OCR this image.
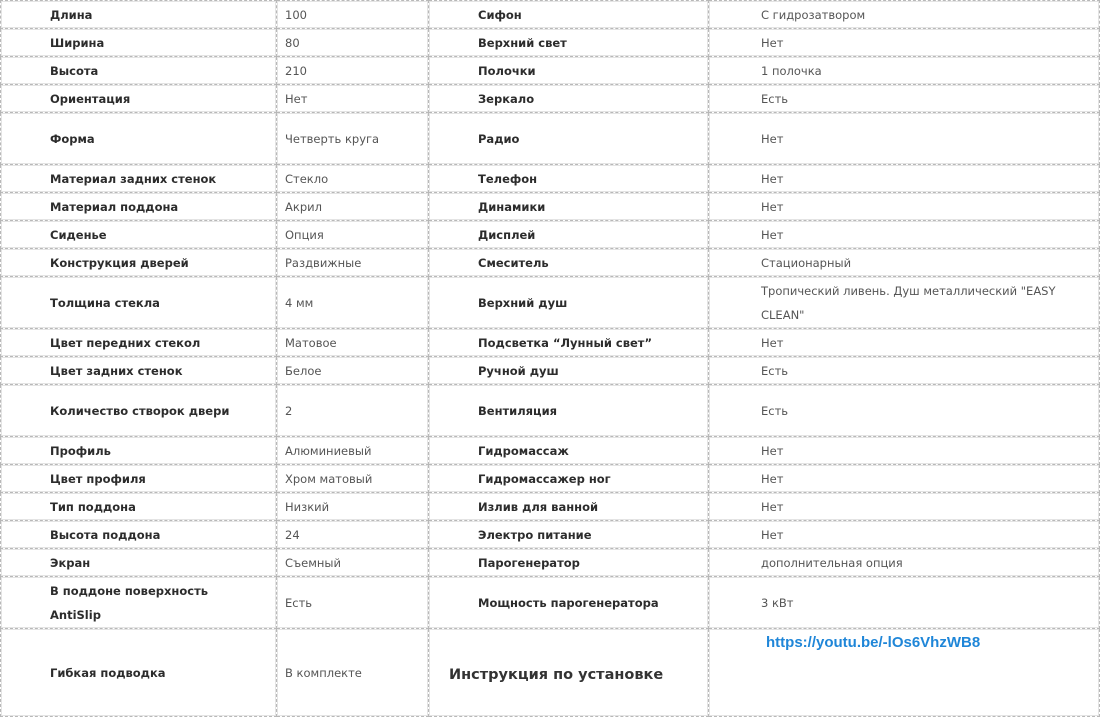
Длина	100	Сифон	С гидрозатвором
Ширина	80	Верхний свет	Нет
Высота	210	Полочки	1 полочка
Ориентация	Нет	Зеркало	Есть
Форма	Четверть круга	Радио	Нет
Материал задних стенок	Стекло	Телефон	Нет
Материал поддона	Акрил	Динамики	Нет
Сиденье	Опция	Дисплей	Нет
Конструкция дверей	Раздвижные	Смеситель	Стационарный
Толщина стекла	4 мм	Верхний душ	Тропический ливень. Душ металлический "EASY CLEAN"
Цвет передних стекол	Матовое	Подсветка “Лунный свет”	Нет
Цвет задних стенок	Белое	Ручной душ	Есть
Количество створок двери	2	Вентиляция	Есть
Профиль	Алюминиевый	Гидромассаж	Нет
Цвет профиля	Хром матовый	Гидромассажер ног	Нет
Тип поддона	Низкий	Излив для ванной	Нет
Высота поддона	24	Электро питание	Нет
Экран	Съемный	Парогенератор	дополнительная опция
В поддоне поверхность AntiSlip	Есть	Мощность парогенератора	3 кВт
Гибкая подводка	В комплекте	Инструкция по установке	https://youtu.be/-lOs6VhzWB8
